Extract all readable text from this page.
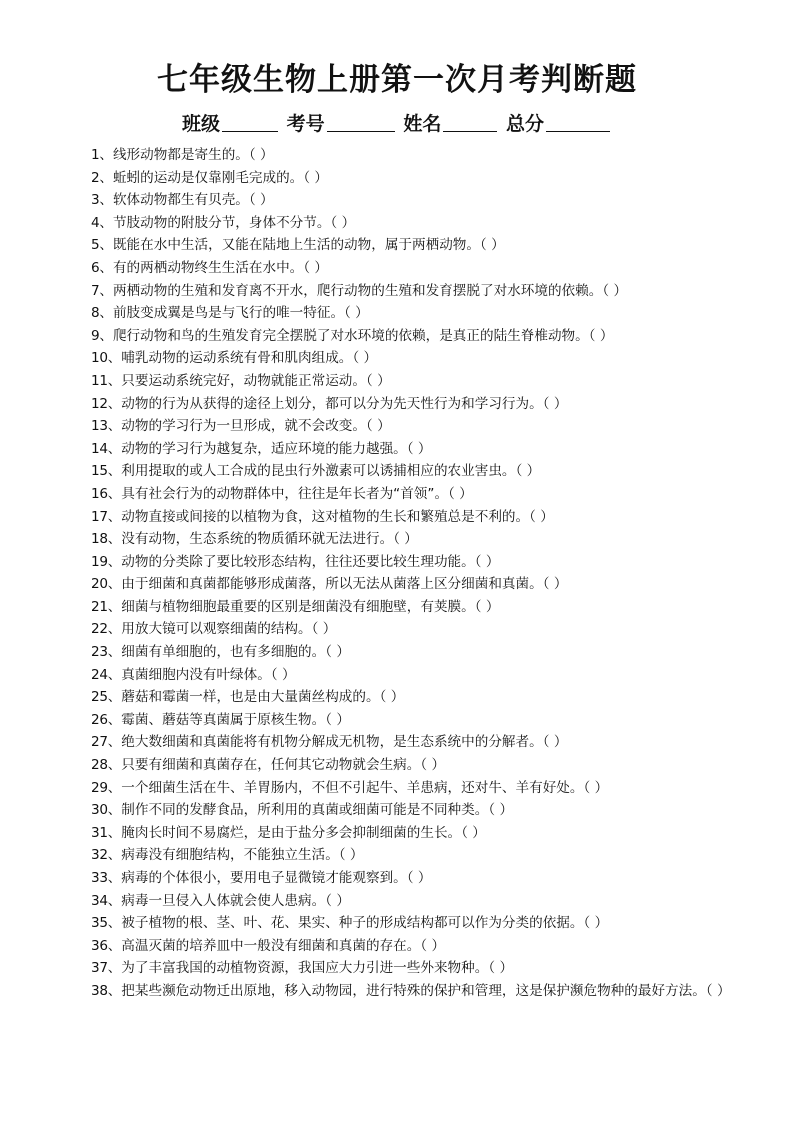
七年级生物上册第一次月考判断题
班级	考号	姓名	总分
1、线形动物都是寄生的。（ ）
2、蚯蚓的运动是仅靠刚毛完成的。（ ）
3、软体动物都生有贝壳。（ ）
4、节肢动物的附肢分节，身体不分节。（ ）
5、既能在水中生活，又能在陆地上生活的动物，属于两栖动物。（ ）
6、有的两栖动物终生生活在水中。（ ）
7、两栖动物的生殖和发育离不开水，爬行动物的生殖和发育摆脱了对水环境的依赖。（ ）
8、前肢变成翼是鸟是与飞行的唯一特征。（ ）
9、爬行动物和鸟的生殖发育完全摆脱了对水环境的依赖，是真正的陆生脊椎动物。（ ）
10、哺乳动物的运动系统有骨和肌肉组成。（ ）
11、只要运动系统完好，动物就能正常运动。（ ）
12、动物的行为从获得的途径上划分，都可以分为先天性行为和学习行为。（ ）
13、动物的学习行为一旦形成，就不会改变。（ ）
14、动物的学习行为越复杂，适应环境的能力越强。（ ）
15、利用提取的或人工合成的昆虫行外激素可以诱捕相应的农业害虫。（ ）
16、具有社会行为的动物群体中，往往是年长者为“首领”。（ ）
17、动物直接或间接的以植物为食，这对植物的生长和繁殖总是不利的。（ ）
18、没有动物，生态系统的物质循环就无法进行。（ ）
19、动物的分类除了要比较形态结构，往往还要比较生理功能。（ ）
20、由于细菌和真菌都能够形成菌落，所以无法从菌落上区分细菌和真菌。（ ）
21、细菌与植物细胞最重要的区别是细菌没有细胞壁，有荚膜。（ ）
22、用放大镜可以观察细菌的结构。（ ）
23、细菌有单细胞的，也有多细胞的。（ ）
24、真菌细胞内没有叶绿体。（ ）
25、蘑菇和霉菌一样，也是由大量菌丝构成的。（ ）
26、霉菌、蘑菇等真菌属于原核生物。（ ）
27、绝大数细菌和真菌能将有机物分解成无机物，是生态系统中的分解者。（ ）
28、只要有细菌和真菌存在，任何其它动物就会生病。（ ）
29、一个细菌生活在牛、羊胃肠内，不但不引起牛、羊患病，还对牛、羊有好处。（ ）
30、制作不同的发酵食品，所利用的真菌或细菌可能是不同种类。（ ）
31、腌肉长时间不易腐烂，是由于盐分多会抑制细菌的生长。（ ）
32、病毒没有细胞结构，不能独立生活。（ ）
33、病毒的个体很小，要用电子显微镜才能观察到。（ ）
34、病毒一旦侵入人体就会使人患病。（ ）
35、被子植物的根、茎、叶、花、果实、种子的形成结构都可以作为分类的依据。（ ）
36、高温灭菌的培养皿中一般没有细菌和真菌的存在。（ ）
37、为了丰富我国的动植物资源，我国应大力引进一些外来物种。（ ）
38、把某些濒危动物迁出原地，移入动物园，进行特殊的保护和管理，这是保护濒危物种的最好方法。（ ）
